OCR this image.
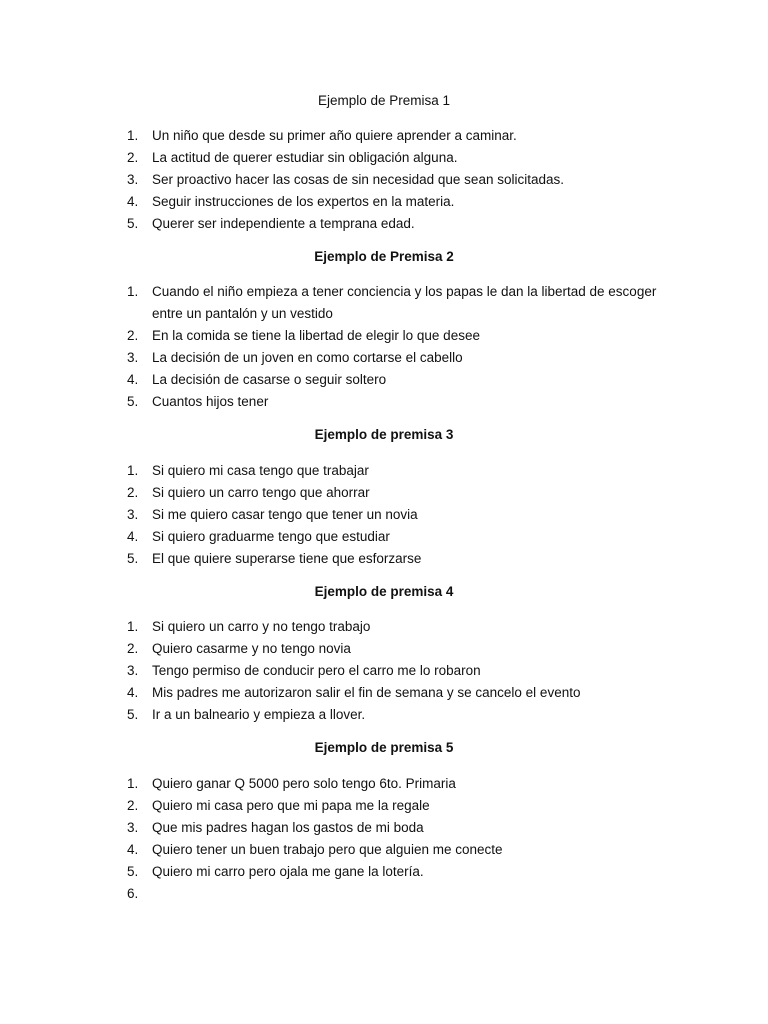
Ejemplo de Premisa 1
1. Un niño que desde su primer año quiere aprender a caminar.
2. La actitud de querer estudiar sin obligación alguna.
3. Ser proactivo hacer las cosas de sin necesidad que sean solicitadas.
4. Seguir instrucciones de los expertos en la materia.
5. Querer ser independiente a temprana edad.
Ejemplo de Premisa 2
1. Cuando el niño empieza a tener conciencia y los papas le dan la libertad de escoger entre un pantalón y un vestido
2. En la comida se tiene la libertad de elegir lo que desee
3. La decisión de un joven en como cortarse el cabello
4. La decisión de casarse o seguir soltero
5. Cuantos hijos tener
Ejemplo de premisa 3
1. Si quiero mi casa tengo que trabajar
2. Si quiero un carro tengo que ahorrar
3. Si me quiero casar tengo que tener un novia
4. Si quiero graduarme tengo que estudiar
5. El que quiere superarse tiene que esforzarse
Ejemplo de premisa 4
1. Si quiero un carro y no tengo trabajo
2. Quiero casarme y no tengo novia
3. Tengo permiso de conducir pero el carro me lo robaron
4. Mis padres me autorizaron salir el fin de semana y se cancelo el evento
5. Ir a un balneario y empieza a llover.
Ejemplo de premisa 5
1. Quiero ganar Q 5000 pero solo tengo 6to. Primaria
2. Quiero mi casa pero que mi papa me la regale
3. Que mis padres hagan los gastos de mi boda
4. Quiero tener un buen trabajo pero que alguien me conecte
5. Quiero mi carro pero ojala me gane la lotería.
6.
